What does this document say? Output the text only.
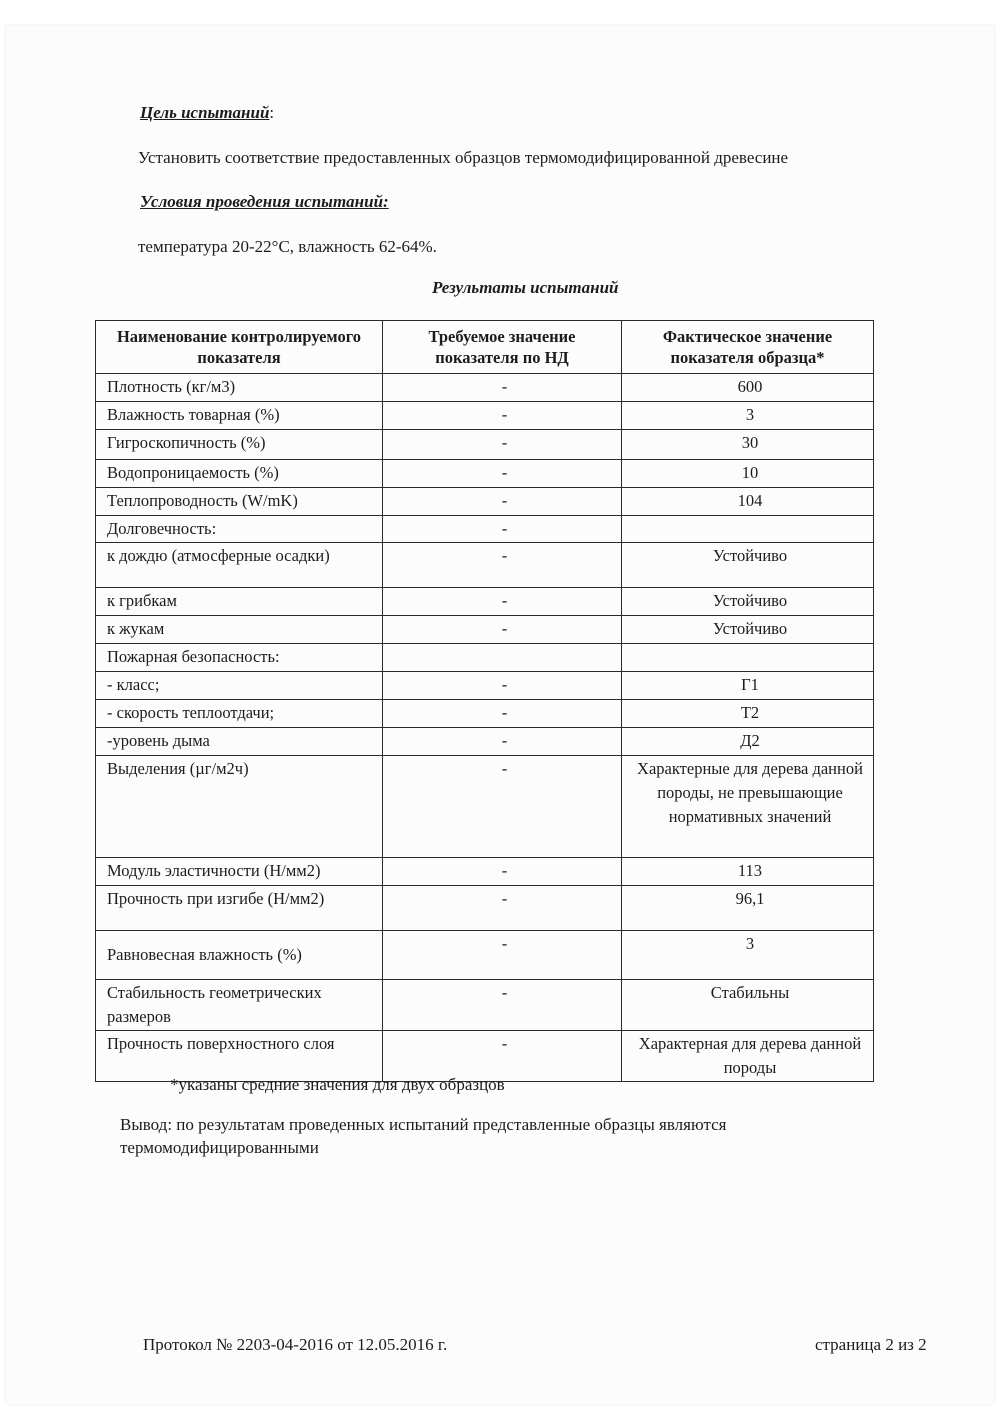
Цель испытаний:
Установить соответствие предоставленных образцов термомодифицированной древесине
Условия проведения испытаний:
температура 20-22°С, влажность 62-64%.
Результаты испытаний
Наименование контролируемого показателя	Требуемое значение показателя по НД	Фактическое значение показателя образца*
Плотность (кг/м3)	-	600
Влажность товарная (%)	-	3
Гигроскопичность (%)	-	30
Водопроницаемость (%)	-	10
Теплопроводность (W/mK)	-	104
Долговечность:	-	
к дождю (атмосферные осадки)	-	Устойчиво
к грибкам	-	Устойчиво
к жукам	-	Устойчиво
Пожарная безопасность:		
- класс;	-	Г1
- скорость теплоотдачи;	-	Т2
-уровень дыма	-	Д2
Выделения (µг/м2ч)	-	Характерные для дерева данной породы, не превышающие нормативных значений
Модуль эластичности (Н/мм2)	-	113
Прочность при изгибе (Н/мм2)	-	96,1
Равновесная влажность (%)	-	3
Стабильность геометрических размеров	-	Стабильны
Прочность поверхностного слоя	-	Характерная для дерева данной породы
*указаны средние значения для двух образцов
Вывод: по результатам проведенных испытаний представленные образцы являются термомодифицированными
Протокол № 2203-04-2016 от 12.05.2016 г.	страница 2 из 2
